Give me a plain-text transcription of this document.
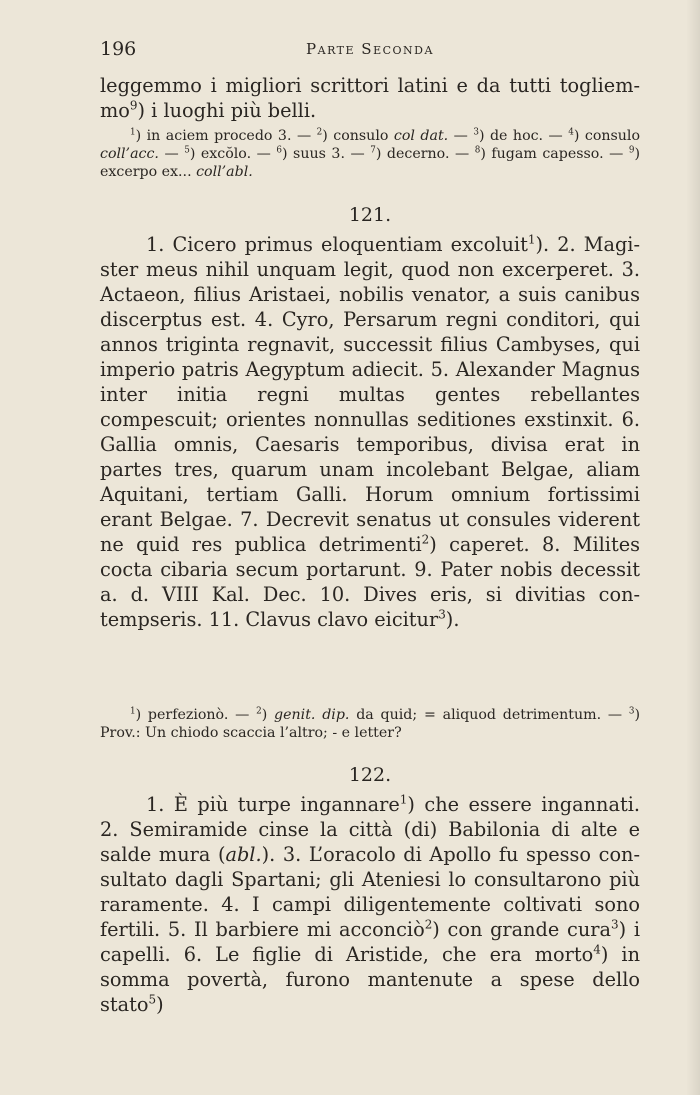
196	Parte Seconda

leggemmo i migliori scrittori latini e da tutti togliemmo$^9$) i luoghi più belli.

$^1$) in aciem procedo 3. — $^2$) consulo col dat. — $^3$) de hoc. — $^4$) consulo coll’acc. — $^5$) excŏlo. — $^6$) suus 3. — $^7$) decerno. — $^8$) fugam capesso. — $^9$) excerpo ex... coll’abl.

121.

1. Cicero primus eloquentiam excoluit$^1$). 2. Magister meus nihil unquam legit, quod non excerperet. 3. Actaeon, filius Aristaei, nobilis venator, a suis canibus discerptus est. 4. Cyro, Persarum regni conditori, qui annos triginta regnavit, successit filius Cambyses, qui imperio patris Aegyptum adiecit. 5. Alexander Magnus inter initia regni multas gentes rebellantes compescuit; orientes nonnullas seditiones exstinxit. 6. Gallia omnis, Caesaris temporibus, divisa erat in partes tres, quarum unam incolebant Belgae, aliam Aquitani, tertiam Galli. Horum omnium fortissimi erant Belgae. 7. Decrevit senatus ut consules viderent ne quid res publica detrimenti$^2$) caperet. 8. Milites cocta cibaria secum portarunt. 9. Pater nobis decessit a. d. VIII Kal. Dec. 10. Dives eris, si divitias contempseris. 11. Clavus clavo eicitur$^3$).

$^1$) perfezionò. — $^2$) genit. dip. da quid; = aliquod detrimentum. — $^3$) Prov.: Un chiodo scaccia l’altro; - e letter?

122.

1. È più turpe ingannare$^1$) che essere ingannati. 2. Semiramide cinse la città (di) Babilonia di alte e salde mura (abl.). 3. L’oracolo di Apollo fu spesso consultato dagli Spartani; gli Ateniesi lo consultarono più raramente. 4. I campi diligentemente coltivati sono fertili. 5. Il barbiere mi acconciò$^2$) con grande cura$^3$) i capelli. 6. Le figlie di Aristide, che era morto$^4$) in somma povertà, furono mantenute a spese dello stato$^5$)
